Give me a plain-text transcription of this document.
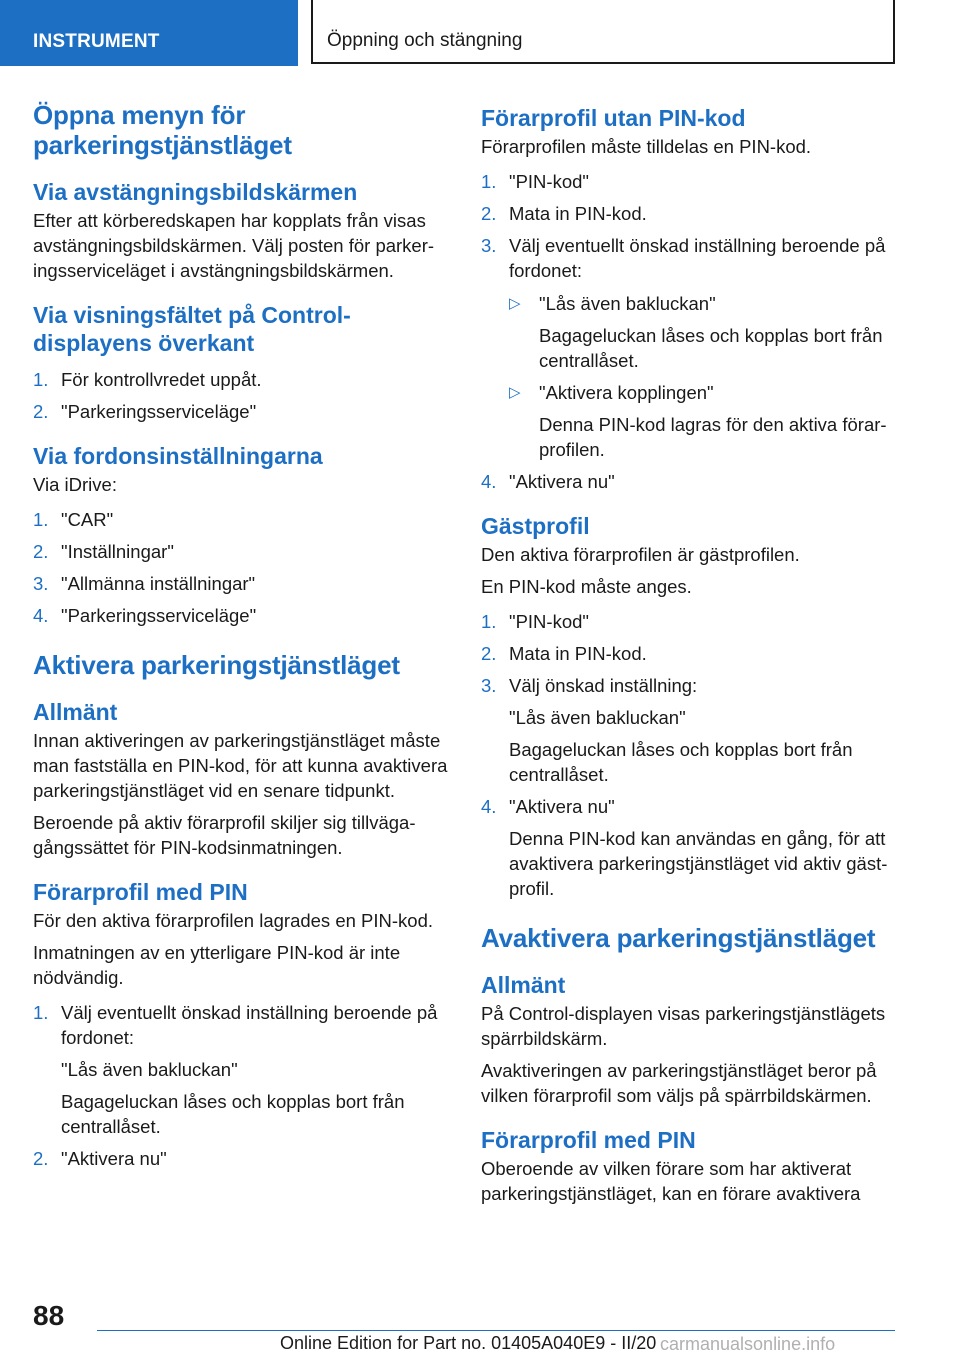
INSTRUMENT	Öppning och stängning
Öppna menyn för parkeringstjänstläget
Via avstängningsbildskärmen

Efter att körberedskapen har kopplats från visas avstängningsbildskärmen. Välj posten för parkeringsserviceläget i avstängningsbildskärmen.

Via visningsfältet på Control-displayens överkant
1. För kontrollvredet uppåt.
2. "Parkeringsserviceläge"
Via fordonsinställningarna

Via iDrive:

1. "CAR"
2. "Inställningar"
3. "Allmänna inställningar"
4. "Parkeringsserviceläge"
Aktivera parkeringstjänstläget
Allmänt

Innan aktiveringen av parkeringstjänstläget måste man fastställa en PIN-kod, för att kunna avaktivera parkeringstjänstläget vid en senare tidpunkt.

Beroende på aktiv förarprofil skiljer sig tillvägagångssättet för PIN-kodsinmatningen.

Förarprofil med PIN

För den aktiva förarprofilen lagrades en PIN-kod.

Inmatningen av en ytterligare PIN-kod är inte nödvändig.

1. Välj eventuellt önskad inställning beroende på fordonet:
"Lås även bakluckan"
Bagageluckan låses och kopplas bort från centrallåset.
2. "Aktivera nu"
Förarprofil utan PIN-kod

Förarprofilen måste tilldelas en PIN-kod.

1. "PIN-kod"
2. Mata in PIN-kod.
3. Välj eventuellt önskad inställning beroende på fordonet:
▷ "Lås även bakluckan"
Bagageluckan låses och kopplas bort från centrallåset.
▷ "Aktivera kopplingen"
Denna PIN-kod lagras för den aktiva förarprofilen.
4. "Aktivera nu"
Gästprofil

Den aktiva förarprofilen är gästprofilen.

En PIN-kod måste anges.

1. "PIN-kod"
2. Mata in PIN-kod.
3. Välj önskad inställning:
"Lås även bakluckan"
Bagageluckan låses och kopplas bort från centrallåset.
4. "Aktivera nu"
Denna PIN-kod kan användas en gång, för att avaktivera parkeringstjänstläget vid aktiv gästprofil.
Avaktivera parkeringstjänstläget
Allmänt

På Control-displayen visas parkeringstjänstlägets spärrbildskärm.

Avaktiveringen av parkeringstjänstläget beror på vilken förarprofil som väljs på spärrbildskärmen.

Förarprofil med PIN

Oberoende av vilken förare som har aktiverat parkeringstjänstläget, kan en förare avaktivera

88
Online Edition for Part no. 01405A040E9 - II/20 carmanualsonline.info
